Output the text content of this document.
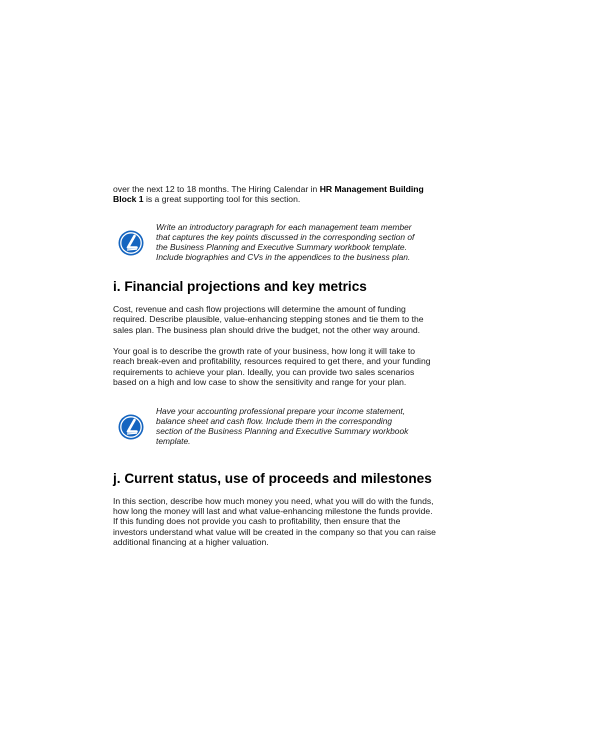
over the next 12 to 18 months. The Hiring Calendar in HR Management Building
Block 1 is a great supporting tool for this section.

Write an introductory paragraph for each management team member
that captures the key points discussed in the corresponding section of
the Business Planning and Executive Summary workbook template.
Include biographies and CVs in the appendices to the business plan.
i. Financial projections and key metrics

Cost, revenue and cash flow projections will determine the amount of funding
required. Describe plausible, value-enhancing stepping stones and tie them to the
sales plan. The business plan should drive the budget, not the other way around.

Your goal is to describe the growth rate of your business, how long it will take to
reach break-even and profitability, resources required to get there, and your funding
requirements to achieve your plan. Ideally, you can provide two sales scenarios
based on a high and low case to show the sensitivity and range for your plan.

Have your accounting professional prepare your income statement,
balance sheet and cash flow. Include them in the corresponding
section of the Business Planning and Executive Summary workbook
template.
j. Current status, use of proceeds and milestones

In this section, describe how much money you need, what you will do with the funds,
how long the money will last and what value-enhancing milestone the funds provide.
If this funding does not provide you cash to profitability, then ensure that the
investors understand what value will be created in the company so that you can raise
additional financing at a higher valuation.
